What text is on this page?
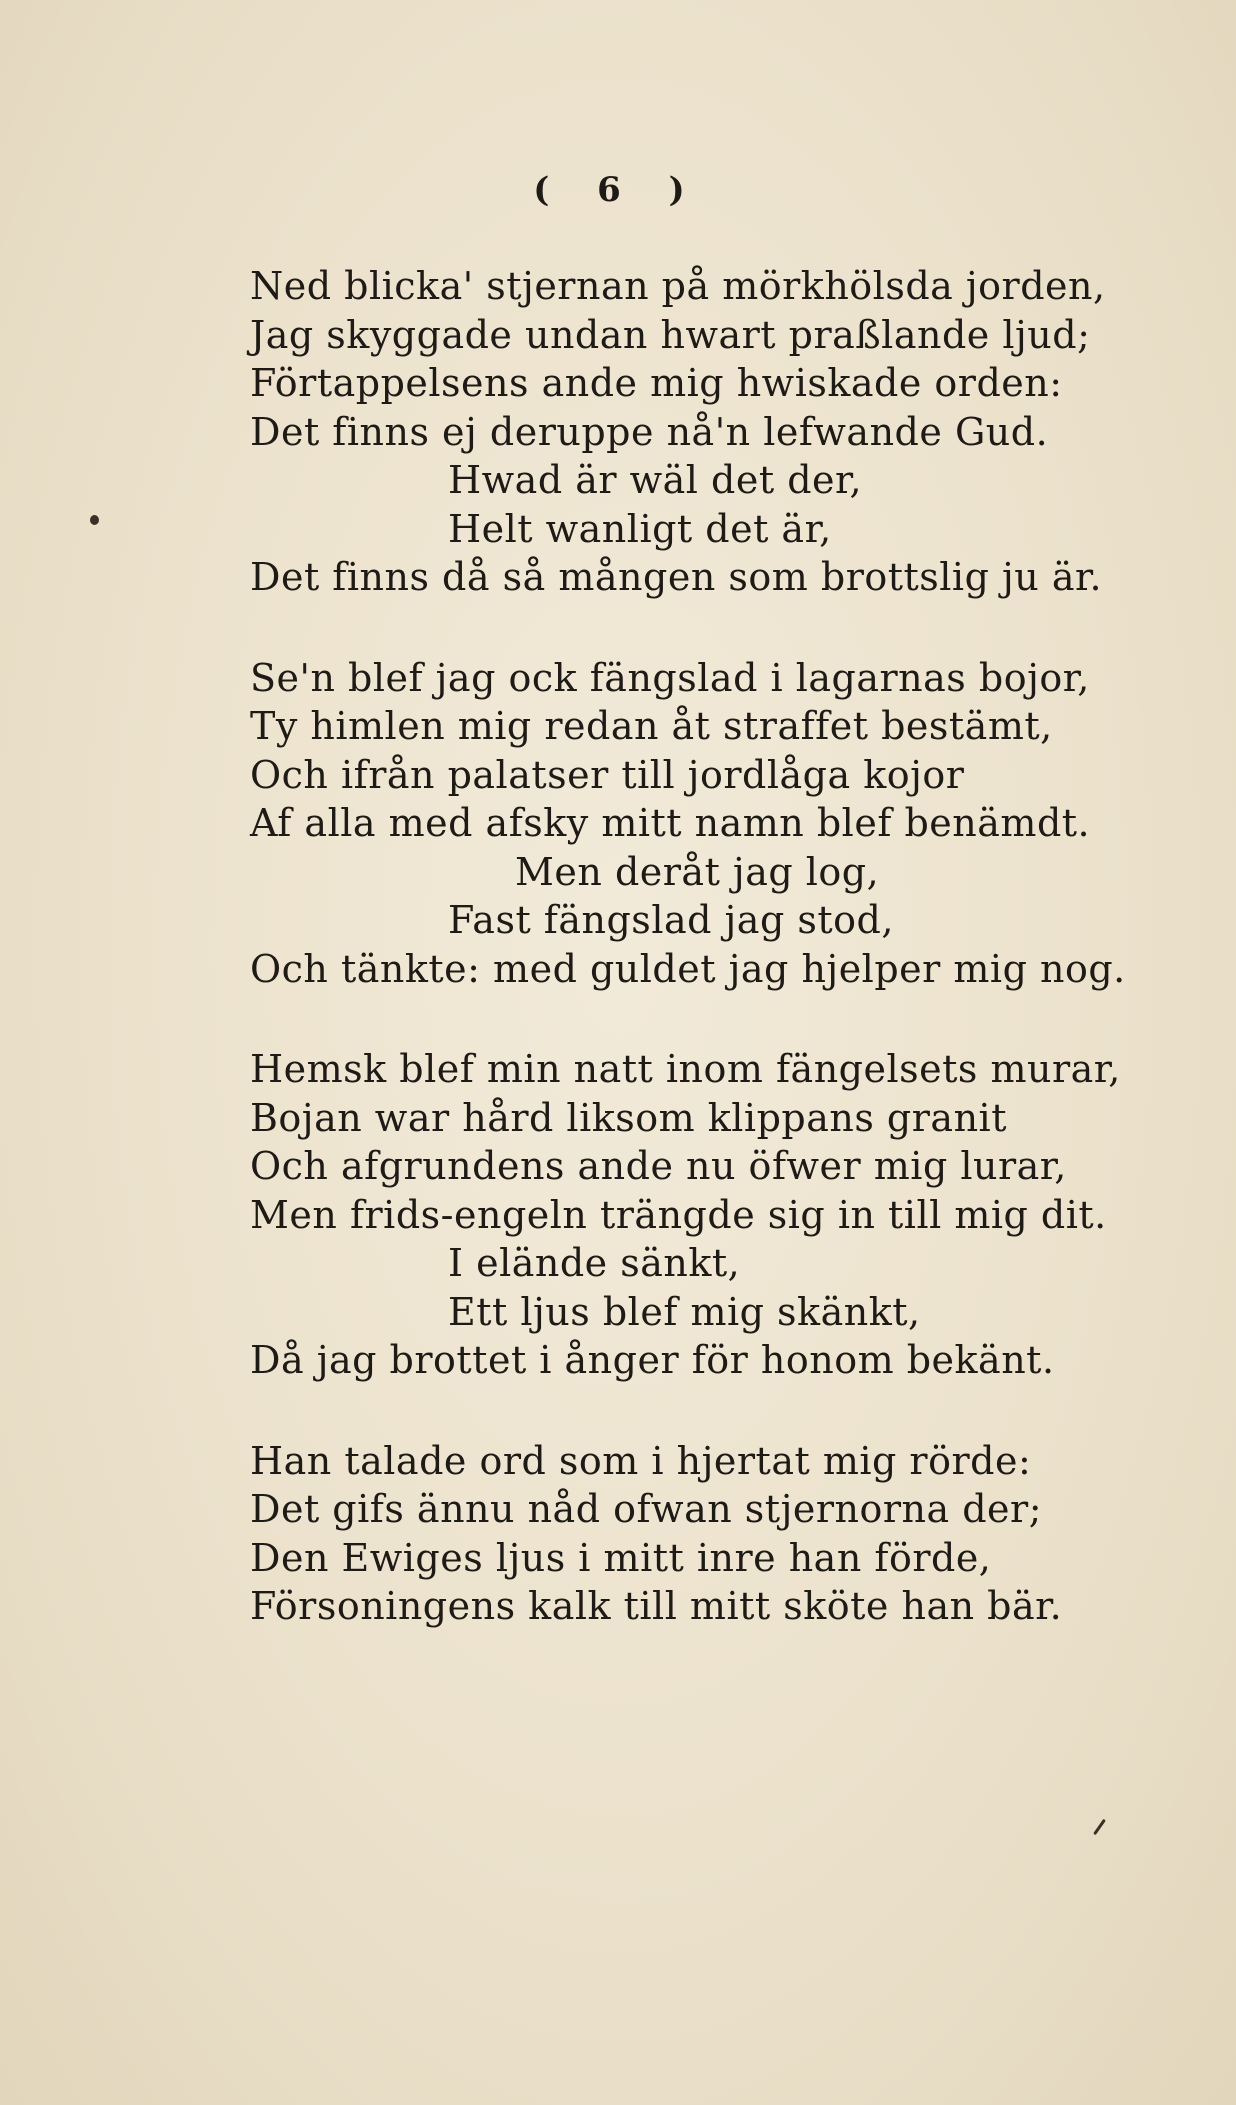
( 6 )
Ned blicka' stjernan på mörkhölsda jorden,
Jag skyggade undan hwart praßlande ljud;
Förtappelsens ande mig hwiskade orden:
Det finns ej deruppe nå'n lefwande Gud.
Hwad är wäl det der,
Helt wanligt det är,
Det finns då så mången som brottslig ju är.
Se'n blef jag ock fängslad i lagarnas bojor,
Ty himlen mig redan åt straffet bestämt,
Och ifrån palatser till jordlåga kojor
Af alla med afsky mitt namn blef benämdt.
Men deråt jag log,
Fast fängslad jag stod,
Och tänkte: med guldet jag hjelper mig nog.
Hemsk blef min natt inom fängelsets murar,
Bojan war hård liksom klippans granit
Och afgrundens ande nu öfwer mig lurar,
Men frids-engeln trängde sig in till mig dit.
I elände sänkt,
Ett ljus blef mig skänkt,
Då jag brottet i ånger för honom bekänt.
Han talade ord som i hjertat mig rörde:
Det gifs ännu nåd ofwan stjernorna der;
Den Ewiges ljus i mitt inre han förde,
Försoningens kalk till mitt sköte han bär.
